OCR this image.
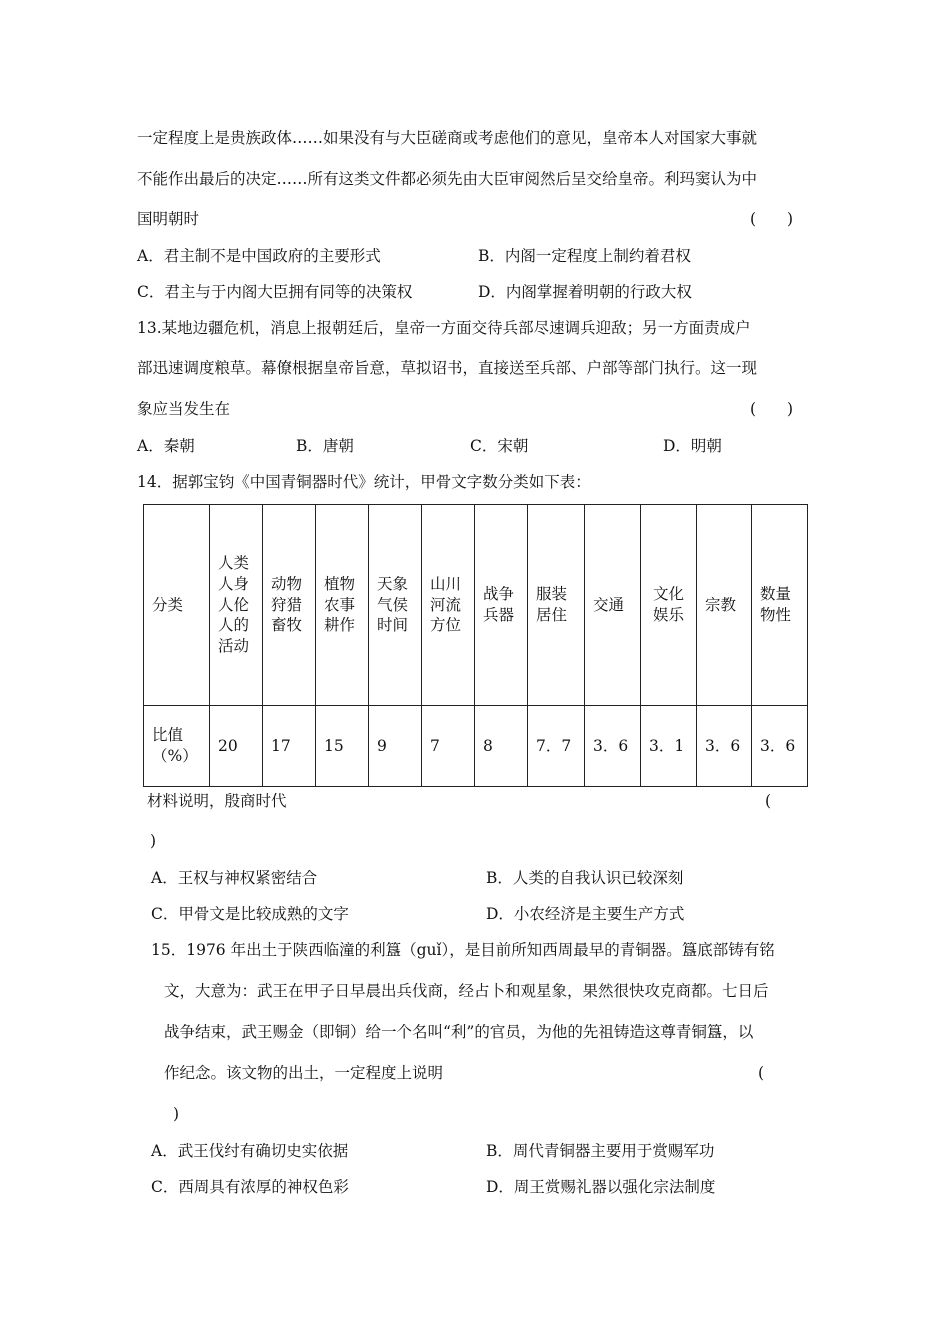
一定程度上是贵族政体……如果没有与大臣磋商或考虑他们的意见，皇帝本人对国家大事就
不能作出最后的决定……所有这类文件都必须先由大臣审阅然后呈交给皇帝。利玛窦认为中
国明朝时	(　　)
A．君主制不是中国政府的主要形式	B．内阁一定程度上制约着君权
C．君主与于内阁大臣拥有同等的决策权	D．内阁掌握着明朝的行政大权
13.某地边疆危机，消息上报朝廷后，皇帝一方面交待兵部尽速调兵迎敌；另一方面责成户
部迅速调度粮草。幕僚根据皇帝旨意，草拟诏书，直接送至兵部、户部等部门执行。这一现
象应当发生在	(　　)
A．秦朝	B．唐朝	C．宋朝	D．明朝
14．据郭宝钧《中国青铜器时代》统计，甲骨文字数分类如下表：
分类	人类人身人伦人的活动	动物狩猎畜牧	植物农事耕作	天象气侯时间	山川河流方位	战争兵器	服装居住	交通	文化娱乐	宗教	数量物性

比值（%）	20	17	15	9	7	8	7．7	3．6	3．1	3．6	3．6
材料说明，殷商时代	(
)
A．王权与神权紧密结合	B．人类的自我认识已较深刻
C．甲骨文是比较成熟的文字	D．小农经济是主要生产方式
15．1976 年出土于陕西临潼的利簋（guǐ），是目前所知西周最早的青铜器。簋底部铸有铭
文，大意为：武王在甲子日早晨出兵伐商，经占卜和观星象，果然很快攻克商都。七日后
战争结束，武王赐金（即铜）给一个名叫“利”的官员，为他的先祖铸造这尊青铜簋，以
作纪念。该文物的出土，一定程度上说明	(
)
A．武王伐纣有确切史实依据	B．周代青铜器主要用于赏赐军功
C．西周具有浓厚的神权色彩	D．周王赏赐礼器以强化宗法制度
